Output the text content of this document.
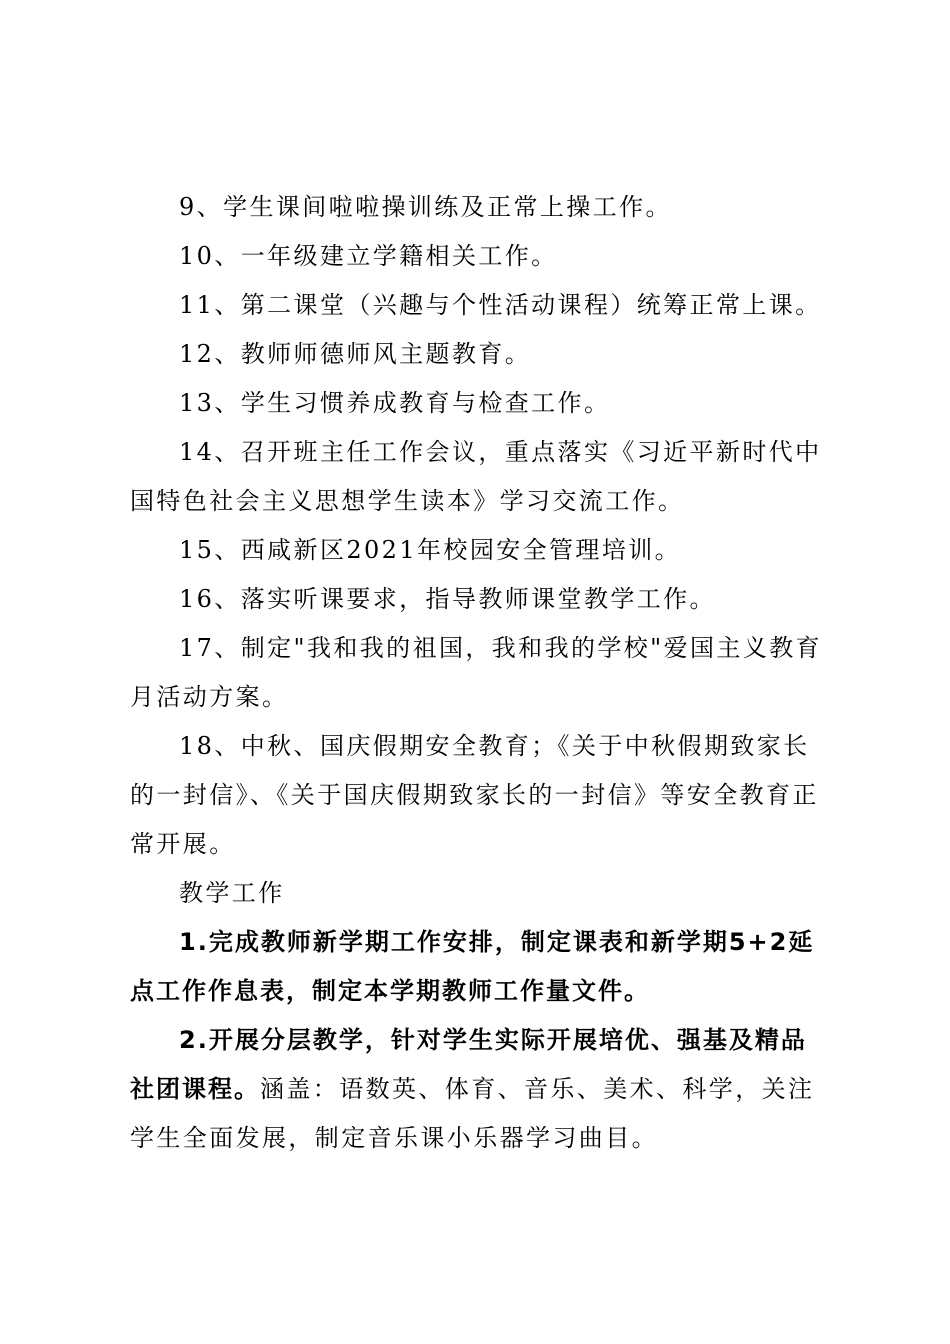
9、学生课间啦啦操训练及正常上操工作。

10、一年级建立学籍相关工作。

11、第二课堂（兴趣与个性活动课程）统筹正常上课。

12、教师师德师风主题教育。

13、学生习惯养成教育与检查工作。

14、召开班主任工作会议，重点落实《习近平新时代中国特色社会主义思想学生读本》学习交流工作。

15、西咸新区2021年校园安全管理培训。

16、落实听课要求，指导教师课堂教学工作。

17、制定"我和我的祖国，我和我的学校"爱国主义教育月活动方案。

18、中秋、国庆假期安全教育；《关于中秋假期致家长的一封信》、《关于国庆假期致家长的一封信》等安全教育正常开展。

教学工作

1.完成教师新学期工作安排，制定课表和新学期5+2延点工作作息表，制定本学期教师工作量文件。

2.开展分层教学，针对学生实际开展培优、强基及精品社团课程。涵盖：语数英、体育、音乐、美术、科学，关注学生全面发展，制定音乐课小乐器学习曲目。
